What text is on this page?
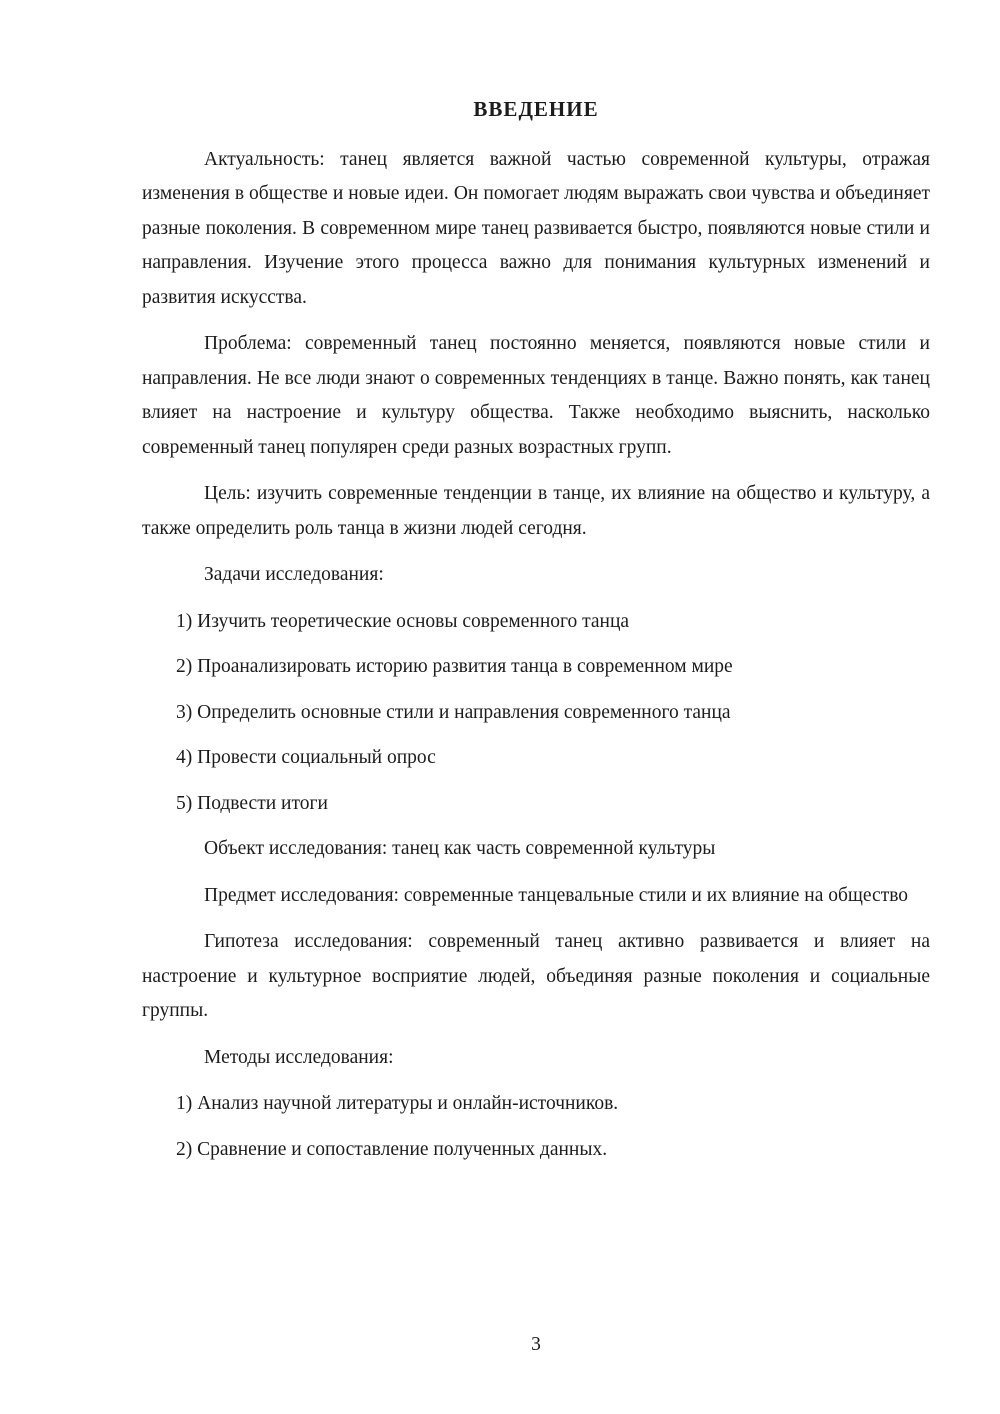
ВВЕДЕНИЕ

Актуальность: танец является важной частью современной культуры, отражая изменения в обществе и новые идеи. Он помогает людям выражать свои чувства и объединяет разные поколения. В современном мире танец развивается быстро, появляются новые стили и направления. Изучение этого процесса важно для понимания культурных изменений и развития искусства.

Проблема: современный танец постоянно меняется, появляются новые стили и направления. Не все люди знают о современных тенденциях в танце. Важно понять, как танец влияет на настроение и культуру общества. Также необходимо выяснить, насколько современный танец популярен среди разных возрастных групп.

Цель: изучить современные тенденции в танце, их влияние на общество и культуру, а также определить роль танца в жизни людей сегодня.

Задачи исследования:

1) Изучить теоретические основы современного танца

2) Проанализировать историю развития танца в современном мире

3) Определить основные стили и направления современного танца

4) Провести социальный опрос

5) Подвести итоги

Объект исследования: танец как часть современной культуры

Предмет исследования: современные танцевальные стили и их влияние на общество

Гипотеза исследования: современный танец активно развивается и влияет на настроение и культурное восприятие людей, объединяя разные поколения и социальные группы.

Методы исследования:

1) Анализ научной литературы и онлайн-источников.

2) Сравнение и сопоставление полученных данных.

3
